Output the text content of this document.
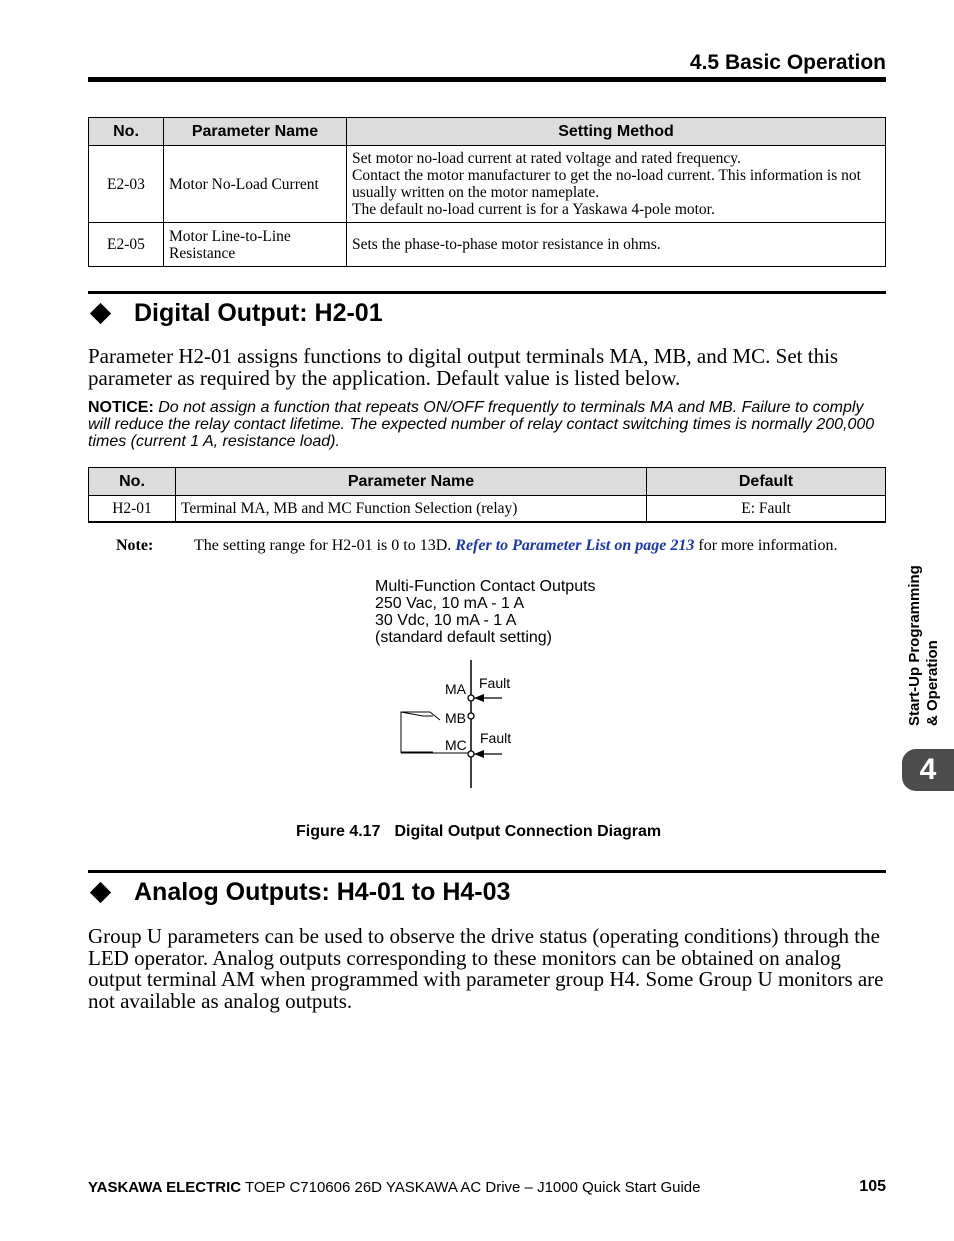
4.5 Basic Operation
No.	Parameter Name	Setting Method
E2-03	Motor No-Load Current	Set motor no-load current at rated voltage and rated frequency.
Contact the motor manufacturer to get the no-load current. This information is not usually written on the motor nameplate.
The default no-load current is for a Yaskawa 4-pole motor.

E2-05	Motor Line-to-Line Resistance	Sets the phase-to-phase motor resistance in ohms.
Digital Output: H2-01
Parameter H2-01 assigns functions to digital output terminals MA, MB, and MC. Set this parameter as required by the application. Default value is listed below.
NOTICE: Do not assign a function that repeats ON/OFF frequently to terminals MA and MB. Failure to comply will reduce the relay contact lifetime. The expected number of relay contact switching times is normally 200,000 times (current 1 A, resistance load).
No.	Parameter Name	Default
H2-01	Terminal MA, MB and MC Function Selection (relay)	E: Fault
Note:	The setting range for H2-01 is 0 to 13D. Refer to Parameter List on page 213 for more information.
Multi-Function Contact Outputs
250 Vac, 10 mA - 1 A
30 Vdc, 10 mA - 1 A
(standard default setting)
MA
MB
MC
Fault
Fault
Figure 4.17 Digital Output Connection Diagram
Analog Outputs: H4-01 to H4-03
Group U parameters can be used to observe the drive status (operating conditions) through the LED operator. Analog outputs corresponding to these monitors can be obtained on analog output terminal AM when programmed with parameter group H4. Some Group U monitors are not available as analog outputs.
Start-Up Programming & Operation
4
YASKAWA ELECTRIC TOEP C710606 26D YASKAWA AC Drive – J1000 Quick Start Guide	105
